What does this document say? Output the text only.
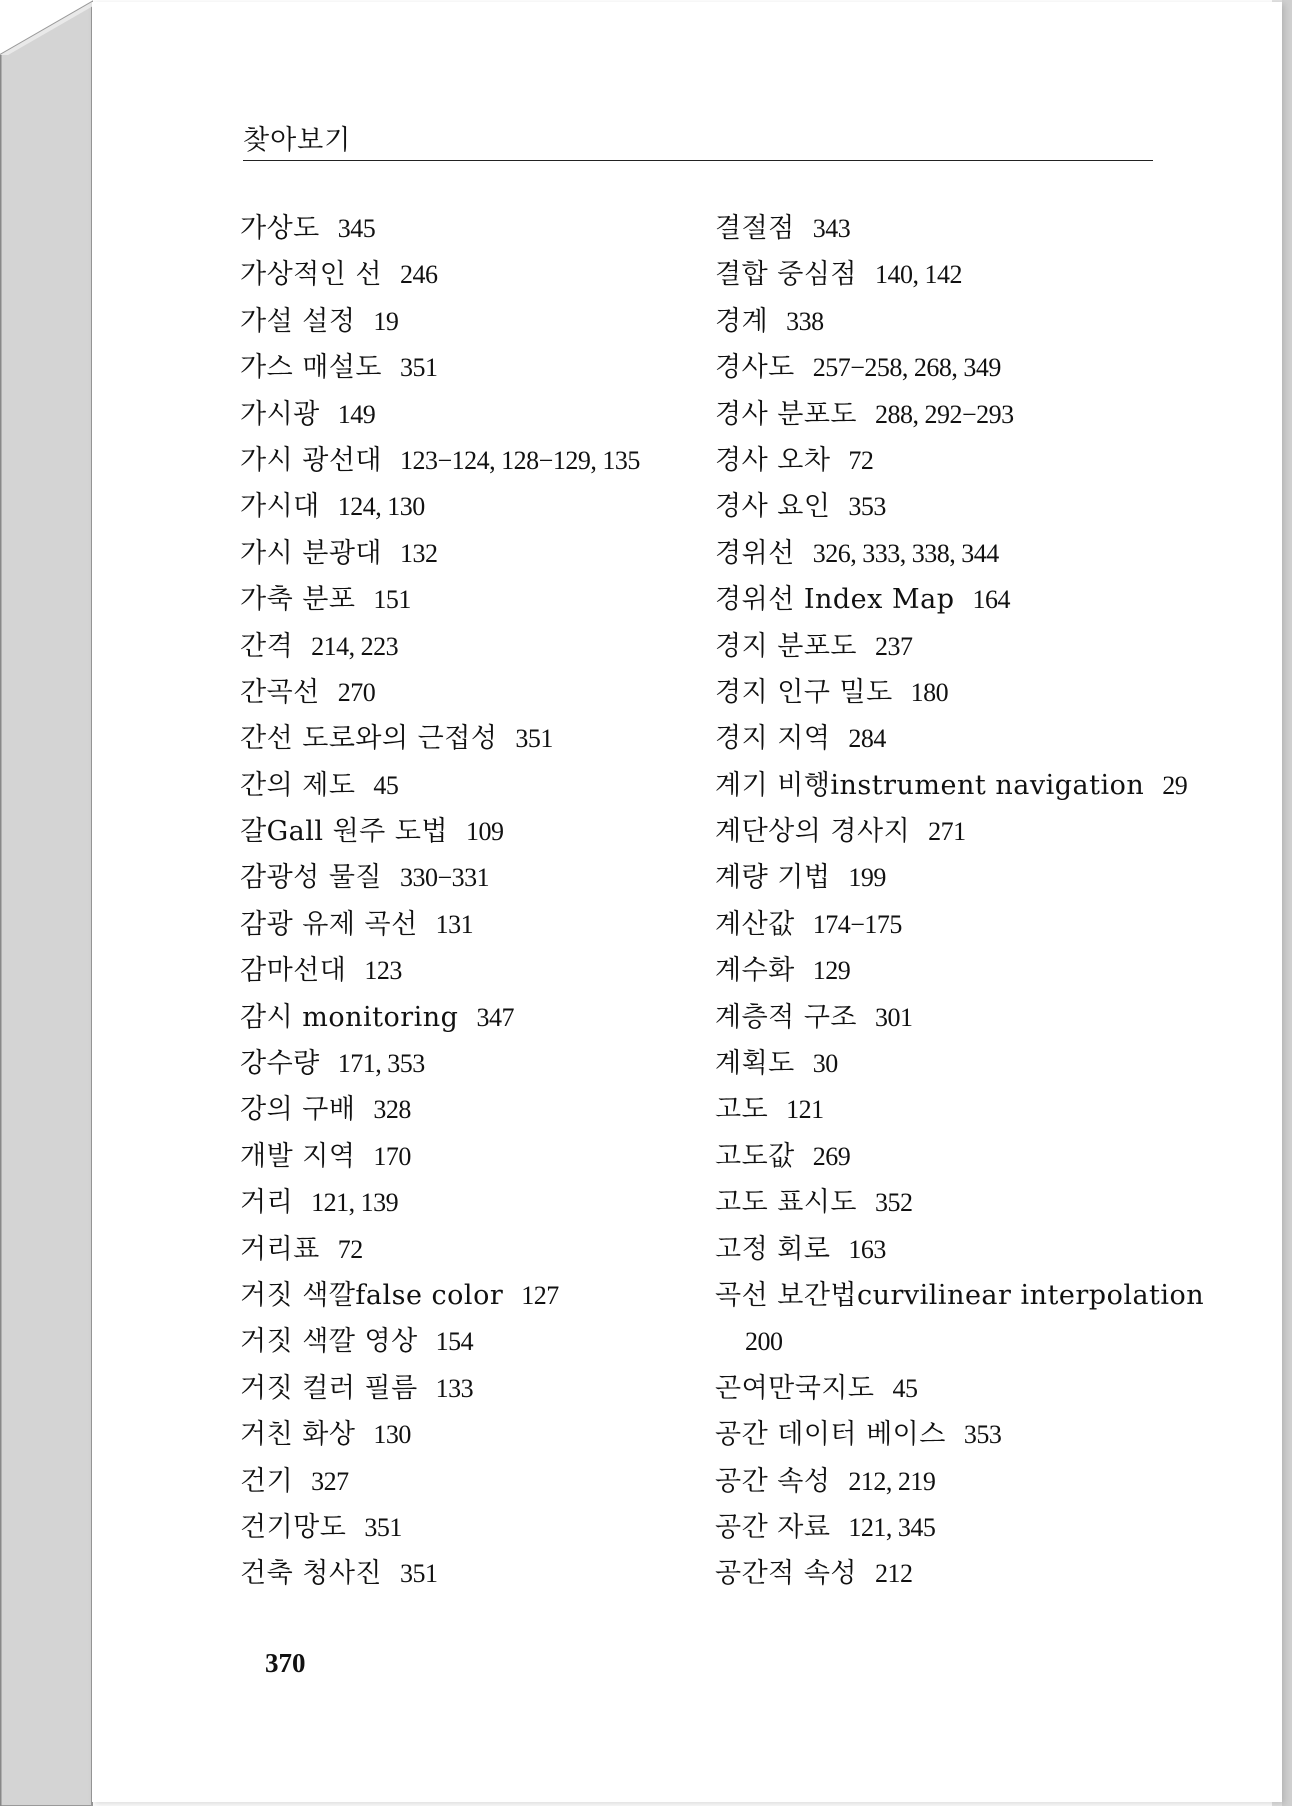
찾아보기
가상도 345
가상적인 선 246
가설 설정 19
가스 매설도 351
가시광 149
가시 광선대 123−124, 128−129, 135
가시대 124, 130
가시 분광대 132
가축 분포 151
간격 214, 223
간곡선 270
간선 도로와의 근접성 351
간의 제도 45
갈Gall 원주 도법 109
감광성 물질 330−331
감광 유제 곡선 131
감마선대 123
감시 monitoring 347
강수량 171, 353
강의 구배 328
개발 지역 170
거리 121, 139
거리표 72
거짓 색깔false color 127
거짓 색깔 영상 154
거짓 컬러 필름 133
거친 화상 130
건기 327
건기망도 351
건축 청사진 351
결절점 343
결합 중심점 140, 142
경계 338
경사도 257−258, 268, 349
경사 분포도 288, 292−293
경사 오차 72
경사 요인 353
경위선 326, 333, 338, 344
경위선 Index Map 164
경지 분포도 237
경지 인구 밀도 180
경지 지역 284
계기 비행instrument navigation 29
계단상의 경사지 271
계량 기법 199
계산값 174−175
계수화 129
계층적 구조 301
계획도 30
고도 121
고도값 269
고도 표시도 352
고정 회로 163
곡선 보간법curvilinear interpolation
200
곤여만국지도 45
공간 데이터 베이스 353
공간 속성 212, 219
공간 자료 121, 345
공간적 속성 212
370
